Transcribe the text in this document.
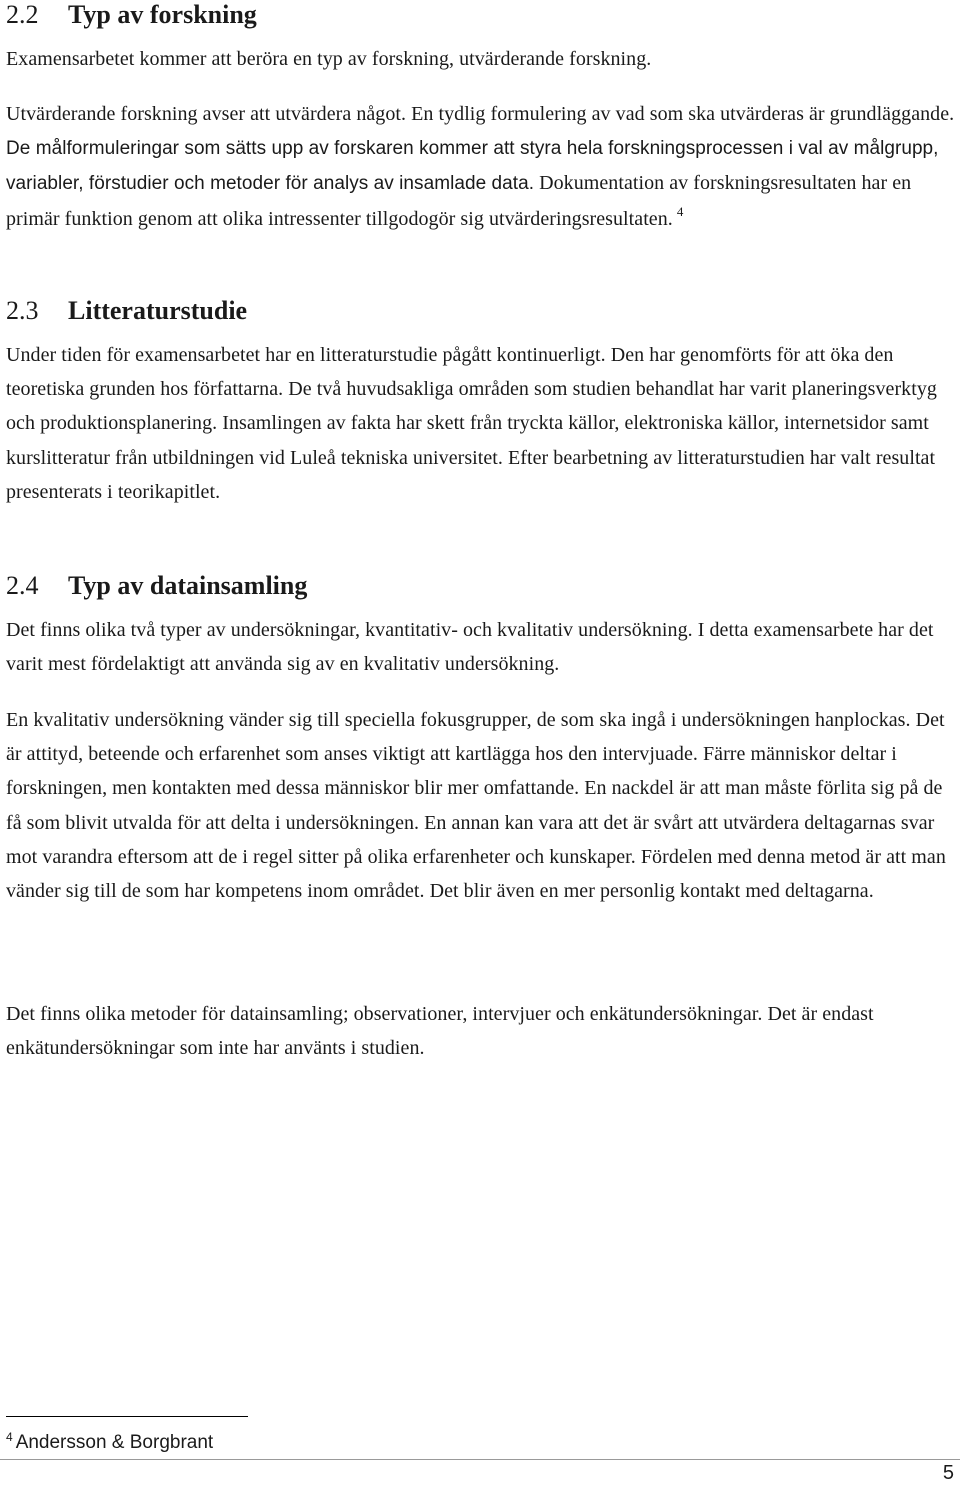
2.2	Typ av forskning

Examensarbetet kommer att beröra en typ av forskning, utvärderande forskning.

Utvärderande forskning avser att utvärdera något. En tydlig formulering av vad som ska utvärderas är grundläggande. De målformuleringar som sätts upp av forskaren kommer att styra hela forskningsprocessen i val av målgrupp, variabler, förstudier och metoder för analys av insamlade data. Dokumentation av forskningsresultaten har en primär funktion genom att olika intressenter tillgodogör sig utvärderingsresultaten. $^4$

2.3	Litteraturstudie

Under tiden för examensarbetet har en litteraturstudie pågått kontinuerligt. Den har genomförts för att öka den teoretiska grunden hos författarna. De två huvudsakliga områden som studien behandlat har varit planeringsverktyg och produktionsplanering. Insamlingen av fakta har skett från tryckta källor, elektroniska källor, internetsidor samt kurslitteratur från utbildningen vid Luleå tekniska universitet. Efter bearbetning av litteraturstudien har valt resultat presenterats i teorikapitlet.

2.4	Typ av datainsamling

Det finns olika två typer av undersökningar, kvantitativ- och kvalitativ undersökning. I detta examensarbete har det varit mest fördelaktigt att använda sig av en kvalitativ undersökning.

En kvalitativ undersökning vänder sig till speciella fokusgrupper, de som ska ingå i undersökningen hanplockas. Det är attityd, beteende och erfarenhet som anses viktigt att kartlägga hos den intervjuade. Färre människor deltar i forskningen, men kontakten med dessa människor blir mer omfattande. En nackdel är att man måste förlita sig på de få som blivit utvalda för att delta i undersökningen. En annan kan vara att det är svårt att utvärdera deltagarnas svar mot varandra eftersom att de i regel sitter på olika erfarenheter och kunskaper. Fördelen med denna metod är att man vänder sig till de som har kompetens inom området. Det blir även en mer personlig kontakt med deltagarna.

Det finns olika metoder för datainsamling; observationer, intervjuer och enkätundersökningar. Det är endast enkätundersökningar som inte har använts i studien.

$^4$ Andersson & Borgbrant
5
